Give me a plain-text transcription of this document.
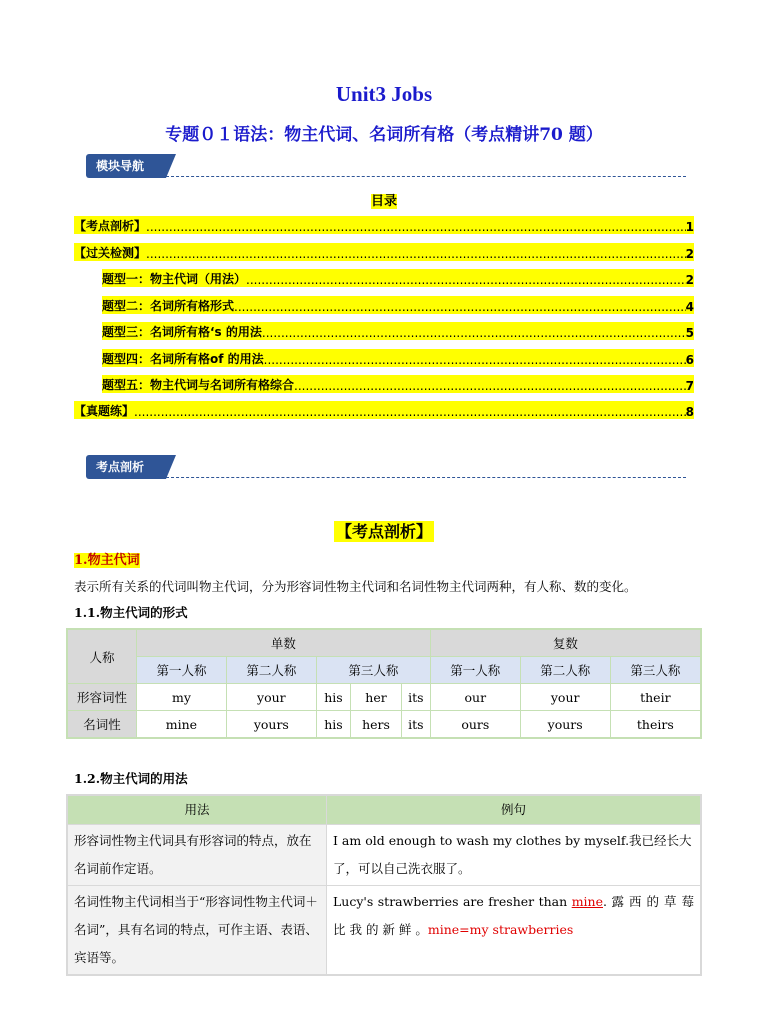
Unit3 Jobs
专题０１语法：物主代词、名词所有格（考点精讲70 题）
模块导航
目录
【考点剖析】 .....	1
【过关检测】 .....	2
题型一：物主代词（用法） .....	2
题型二：名词所有格形式 .....	4
题型三：名词所有格‘s 的用法 .....	5
题型四：名词所有格of 的用法 .....	6
题型五：物主代词与名词所有格综合 .....	7
【真题练】 .....	8
考点剖析
【考点剖析】
1.物主代词
表示所有关系的代词叫物主代词，分为形容词性物主代词和名词性物主代词两种，有人称、数的变化。
1.1.物主代词的形式
人称	单数					复数		
	第一人称	第二人称	第三人称			第一人称	第二人称	第三人称
形容词性	my	your	his	her	its	our	your	their
名词性	mine	yours	his	hers	its	ours	yours	theirs
1.2.物主代词的用法
用法	例句
形容词性物主代词具有形容词的特点，放在名词前作定语。	I am old enough to wash my clothes by myself.我已经长大了，可以自己洗衣服了。
名词性物主代词相当于“形容词性物主代词＋名词”，具有名词的特点，可作主语、表语、宾语等。	Lucy's strawberries are fresher than mine. 露 西 的 草 莓 比 我 的 新 鲜 。mine=my strawberries
